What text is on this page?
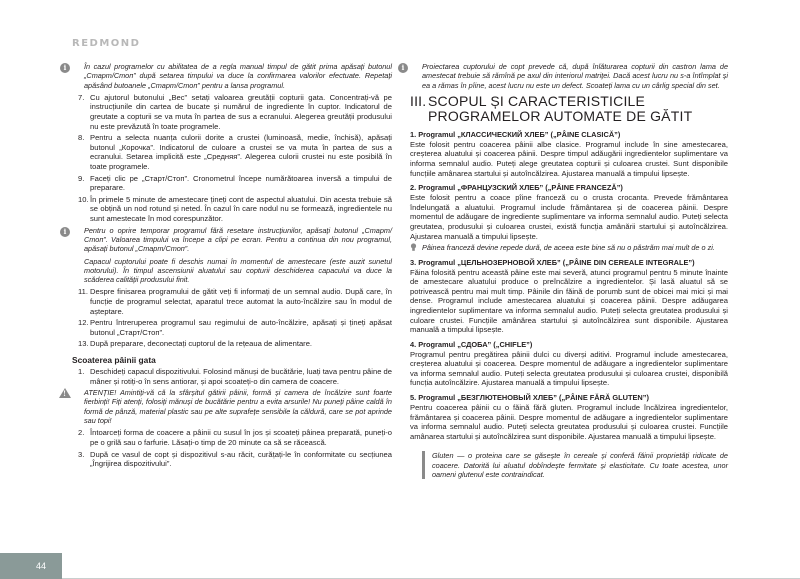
REDMOND
i	În cazul programelor cu abilitatea de a regla manual timpul de gătit prima apăsați butonul „Старт/Стоп” după setarea timpului va duce la confirmarea valorilor efectuate. Repetați apăsând butoanele „Старт/Стоп” pentru a lansa programul.
7. Cu ajutorul butonului „Вес” setați valoarea greutății copturii gata. Concentrați-vă pe instrucțiunile din cartea de bucate și numărul de ingrediente în cuptor. Indicatorul de greutate a copturii se va muta în partea de sus a ecranului. Alegerea greutății produsului nu este prevăzută în toate programele.
8. Pentru a selecta nuanța culorii dorite a crustei (luminoasă, medie, închisă), apăsați butonul „Корочка”. Indicatorul de culoare a crustei se va muta în partea de sus a ecranului. Setarea implicită este „Средняя”. Alegerea culorii crustei nu este posibilă în toate programele.
9. Faceți clic pe „Старт/Стоп”. Cronometrul începe numărătoarea inversă a timpului de preparare.
10. În primele 5 minute de amestecare țineți cont de aspectul aluatului. Din acesta trebuie să se obțină un nod rotund și neted. În cazul în care nodul nu se formează, ingredientele nu sunt amestecate în mod corespunzător.
i	Pentru o oprire temporar programul fără resetare instrucțiunilor, apăsați butonul „Старт/Стоп”. Valoarea timpului va începe a clipi pe ecran. Pentru a continua din nou programul, apăsați butonul „Старт/Стоп”.
Capacul cuptorului poate fi deschis numai în momentul de amestecare (este auzit sunetul motorului). În timpul ascensiunii aluatului sau copturii deschiderea capacului va duce la scăderea calității produsului finit.
11. Despre finisarea programului de gătit veți fi informați de un semnal audio. După care, în funcție de programul selectat, aparatul trece automat la auto-încălzire sau în modul de așteptare.
12. Pentru întreruperea programul sau regimului de auto-încălzire, apăsați și țineți apăsat butonul „Старт/Стоп”.
13. După preparare, deconectați cuptorul de la rețeaua de alimentare.
Scoaterea pâinii gata
1. Deschideți capacul dispozitivului. Folosind mănuși de bucătărie, luați tava pentru pâine de mâner și rotiți-o în sens antiorar, și apoi scoateți-o din camera de coacere.
! ATENȚIE! Amintiți-vă că la sfârșitul gătirii pâinii, formă și camera de încălzire sunt foarte fierbinți! Fiți atenți, folosiți mănuși de bucătărie pentru a evita arsurile! Nu puneți pâine caldă în formă de pânză, material plastic sau pe alte suprafețe sensibile la căldură, care se pot aprinde sau topi!
2. Întoarceți forma de coacere a pâinii cu susul în jos și scoateți pâinea preparată, puneți-o pe o grilă sau o farfurie. Lăsați-o timp de 20 minute ca să se răcească.
3. După ce vasul de copt și dispozitivul s-au răcit, curățați-le în conformitate cu secțiunea „Îngrijirea dispozitivului”.
i	Proiectarea cuptorului de copt prevede că, după înlăturarea copturii din castron lama de amestecat trebuie să rămînă pe axul din interiorul matriței. Dacă acest lucru nu s-a întîmplat și ea a rămas în pîine, acest lucru nu este un defect. Scoateți lama cu un cârlig special din set.
III. SCOPUL ȘI CARACTERISTICILE PROGRAMELOR AUTOMATE DE GĂTIT
1. Programul „КЛАССИЧЕСКИЙ ХЛЕБ” („PÂINE CLASICĂ”)
Este folosit pentru coacerea pâinii albe clasice. Programul include în sine amestecarea, creșterea aluatului și coacerea pâinii. Despre timpul adăugării ingredientelor suplimentare va informa semnalul audio. Puteți alege greutatea copturii și culoarea crustei. Sunt disponibile funcțiile amânarea startului și autoîncălzirea. Ajustarea manuală a timpului lipsește.
2. Programul „ФРАНЦУЗСКИЙ ХЛЕБ” („PÂINE FRANCEZĂ”)
Este folosit pentru a coace pîine franceză cu o crusta crocanta. Prevede frământarea îndelungată a aluatului. Programul include frământarea și de coacerea pâinii. Despre momentul de adăugare de ingrediente suplimentare va informa semnalul audio. Puteți selecta greutatea, produsului și culoarea crustei, există funcția amânării startului și autoîncălzirea. Ajustarea manuală a timpului lipsește.
Pâinea franceză devine repede dură, de aceea este bine să nu o păstrăm mai mult de o zi.
3. Programul „ЦЕЛЬНОЗЕРНОВОЙ ХЛЕБ” („PÂINE DIN CEREALE INTEGRALE”)
Făina folosită pentru această pâine este mai severă, atunci programul pentru 5 minute înainte de amestecare aluatului produce o preîncălzire a ingredientelor. Și lasă aluatul să se potrivească pentru mai mult timp. Pâinile din făină de porumb sunt de obicei mai mici și mai dense. Programul include amestecarea aluatului și coacerea pâinii. Despre adăugarea ingredientelor suplimentare va informa semnalul audio. Puteți selecta greutatea produsului și culoare crustei. Funcțiile amânărea startului și autoîncălzirea sunt disponibile. Ajustarea manuală a timpului lipsește.
4. Programul „СДОБА” („CHIFLE”)
Programul pentru pregătirea pâinii dulci cu diverși aditivi. Programul include amestecarea, creșterea aluatului și coacerea. Despre momentul de adăugare a ingredientelor suplimentare va informa semnalul audio. Puteți selecta greutatea produsului și culoarea crustei, disponibilă funcția autoîncălzire. Ajustarea manuală a timpului lipsește.
5. Programul „БЕЗГЛЮТЕНОВЫЙ ХЛЕБ” („PÂINE FĂRĂ GLUTEN”)
Pentru coacerea pâinii cu o făină fără gluten. Programul include încălzirea ingredientelor, frământarea și coacerea pâinii. Despre momentul de adăugare a ingredientelor suplimentare va informa semnalul audio. Puteți selecta greutatea produsului și culoarea crustei. Funcțiile amânarea startului și autoîncălzirea sunt disponibile. Ajustarea manuală a timpului lipsește.
Gluten — o proteina care se găsește în cereale și conferă făinii proprietăți ridicate de coacere. Datorită lui aluatul dobîndește fermitate și elasticitate. Cu toate acestea, unor oameni glutenul este contraindicat.
44
